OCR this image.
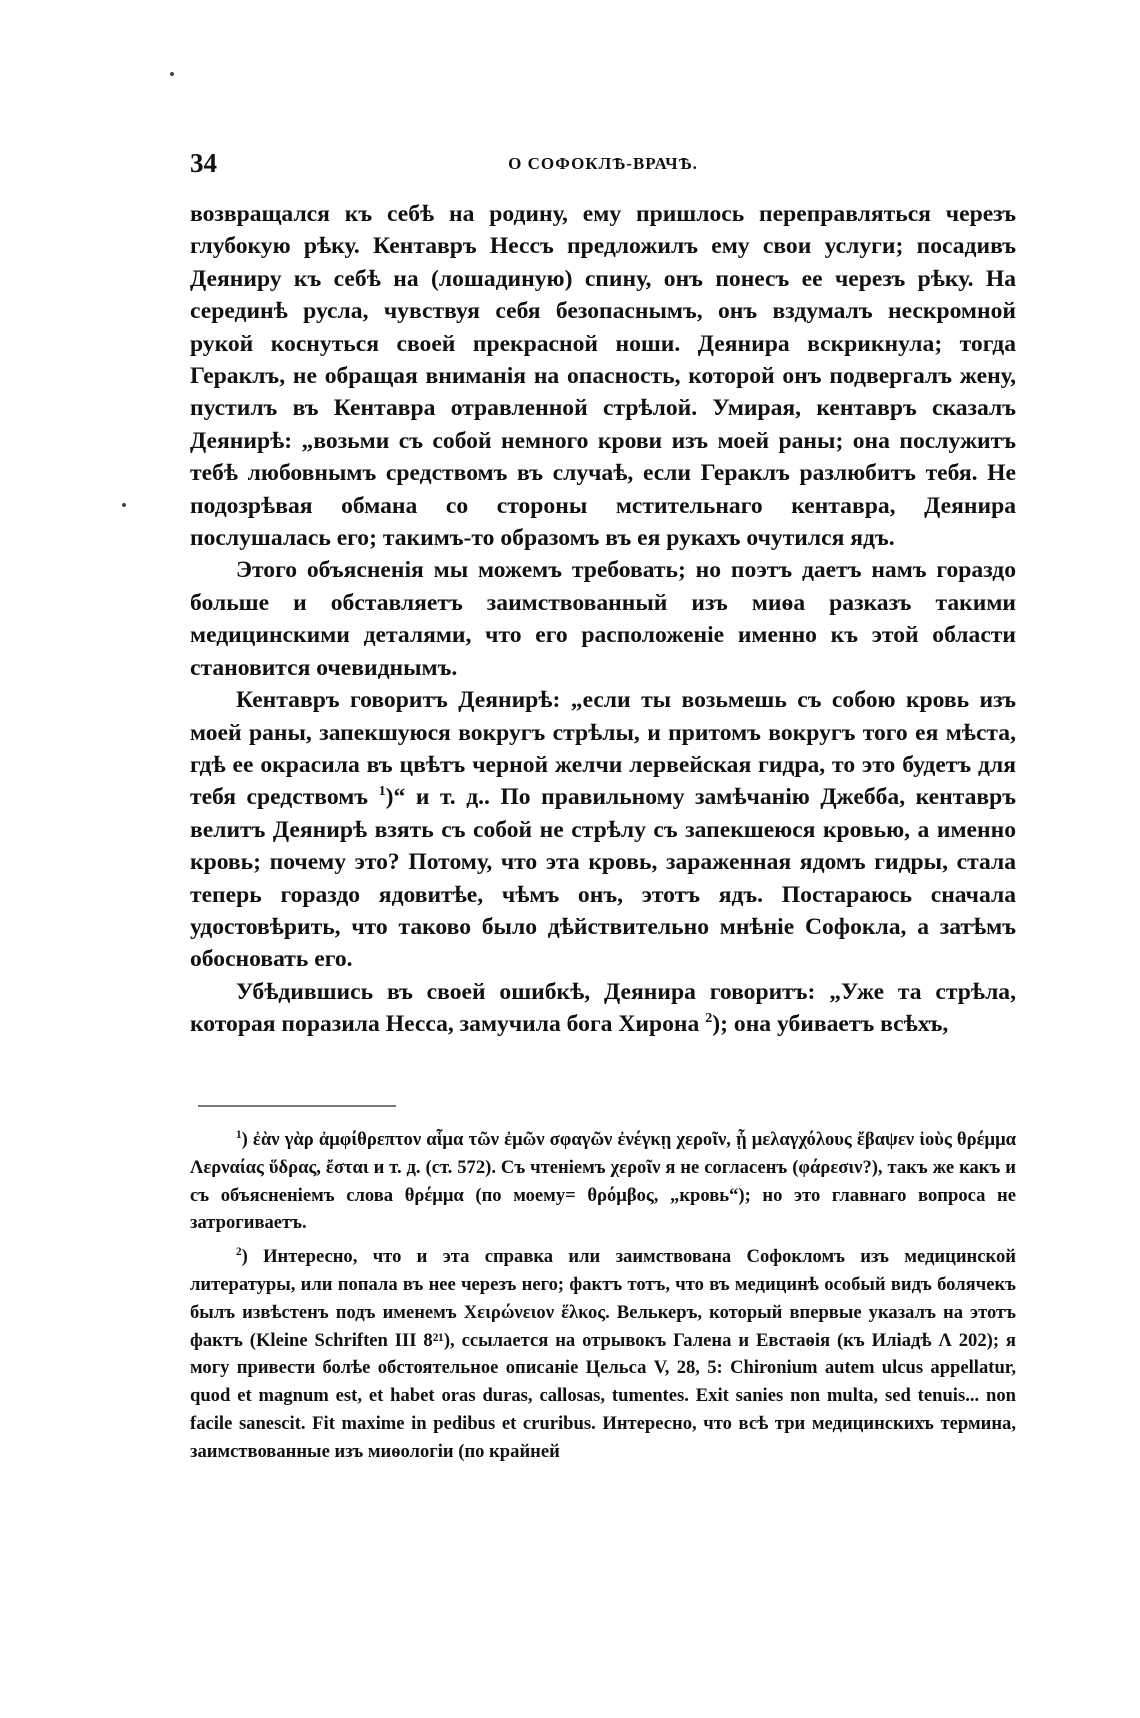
34	О СОФОКЛѢ-ВРАЧѢ.

возвращался къ себѣ на родину, ему пришлось переправляться черезъ глубокую рѣку. Кентавръ Нессъ предложилъ ему свои услуги; посадивъ Деяниру къ себѣ на (лошадиную) спину, онъ понесъ ее черезъ рѣку. На серединѣ русла, чувствуя себя безопаснымъ, онъ вздумалъ нескромной рукой коснуться своей прекрасной ноши. Деянира вскрикнула; тогда Гераклъ, не обращая вниманія на опасность, которой онъ подвергалъ жену, пустилъ въ Кентавра отравленной стрѣлой. Умирая, кентавръ сказалъ Деянирѣ: „возьми съ собой немного крови изъ моей раны; она послужитъ тебѣ любовнымъ средствомъ въ случаѣ, если Гераклъ разлюбитъ тебя. Не подозрѣвая обмана со стороны мстительнаго кентавра, Деянира послушалась его; такимъ-то образомъ въ ея рукахъ очутился ядъ.

Этого объясненія мы можемъ требовать; но поэтъ даетъ намъ гораздо больше и обставляетъ заимствованный изъ миѳа разказъ такими медицинскими деталями, что его расположеніе именно къ этой области становится очевиднымъ.

Кентавръ говоритъ Деянирѣ: „если ты возьмешь съ собою кровь изъ моей раны, запекшуюся вокругъ стрѣлы, и притомъ вокругъ того ея мѣста, гдѣ ее окрасила въ цвѣтъ черной желчи лервейская гидра, то это будетъ для тебя средствомъ $^1$)“ и т. д.. По правильному замѣчанію Джебба, кентавръ велитъ Деянирѣ взять съ собой не стрѣлу съ запекшеюся кровью, а именно кровь; почему это? Потому, что эта кровь, зараженная ядомъ гидры, стала теперь гораздо ядовитѣе, чѣмъ онъ, этотъ ядъ. Постараюсь сначала удостовѣрить, что таково было дѣйствительно мнѣніе Софокла, а затѣмъ обосновать его.

Убѣдившись въ своей ошибкѣ, Деянира говоритъ: „Уже та стрѣла, которая поразила Несса, замучила бога Хирона $^2$); она убиваетъ всѣхъ,

$^1$) ἐὰν γὰρ ἀμφίθρεπτον αἷμα τῶν ἐμῶν σφαγῶν ἐνέγκῃ χεροῖν, ᾗ μελαγχόλους ἔβαψεν ἰοὺς θρέμμα Λερναίας ὕδρας, ἔσται и т. д. (ст. 572). Съ чтеніемъ χεροῖν я не согласенъ (φάρεσιν?), такъ же какъ и съ объясненіемъ слова θρέμμα (по моему= θρόμβος, „кровь“); но это главнаго вопроса не затрогиваетъ.

$^2$) Интересно, что и эта справка или заимствована Софокломъ изъ медицинской литературы, или попала въ нее черезъ него; фактъ тотъ, что въ медицинѣ особый видъ болячекъ былъ извѣстенъ подъ именемъ Χειρώνειον ἕλκος. Велькеръ, который впервые указалъ на этотъ фактъ (Kleine Schriften III 8²¹), ссылается на отрывокъ Галена и Евстаѳія (къ Иліадѣ Λ 202); я могу привести болѣе обстоятельное описаніе Цельса V, 28, 5: Chironium autem ulcus appellatur, quod et magnum est, et habet oras duras, callosas, tumentes. Exit sanies non multa, sed tenuis... non facile sanescit. Fit maxime in pedibus et cruribus. Интересно, что всѣ три медицинскихъ термина, заимствованные изъ миѳологіи (по крайней
